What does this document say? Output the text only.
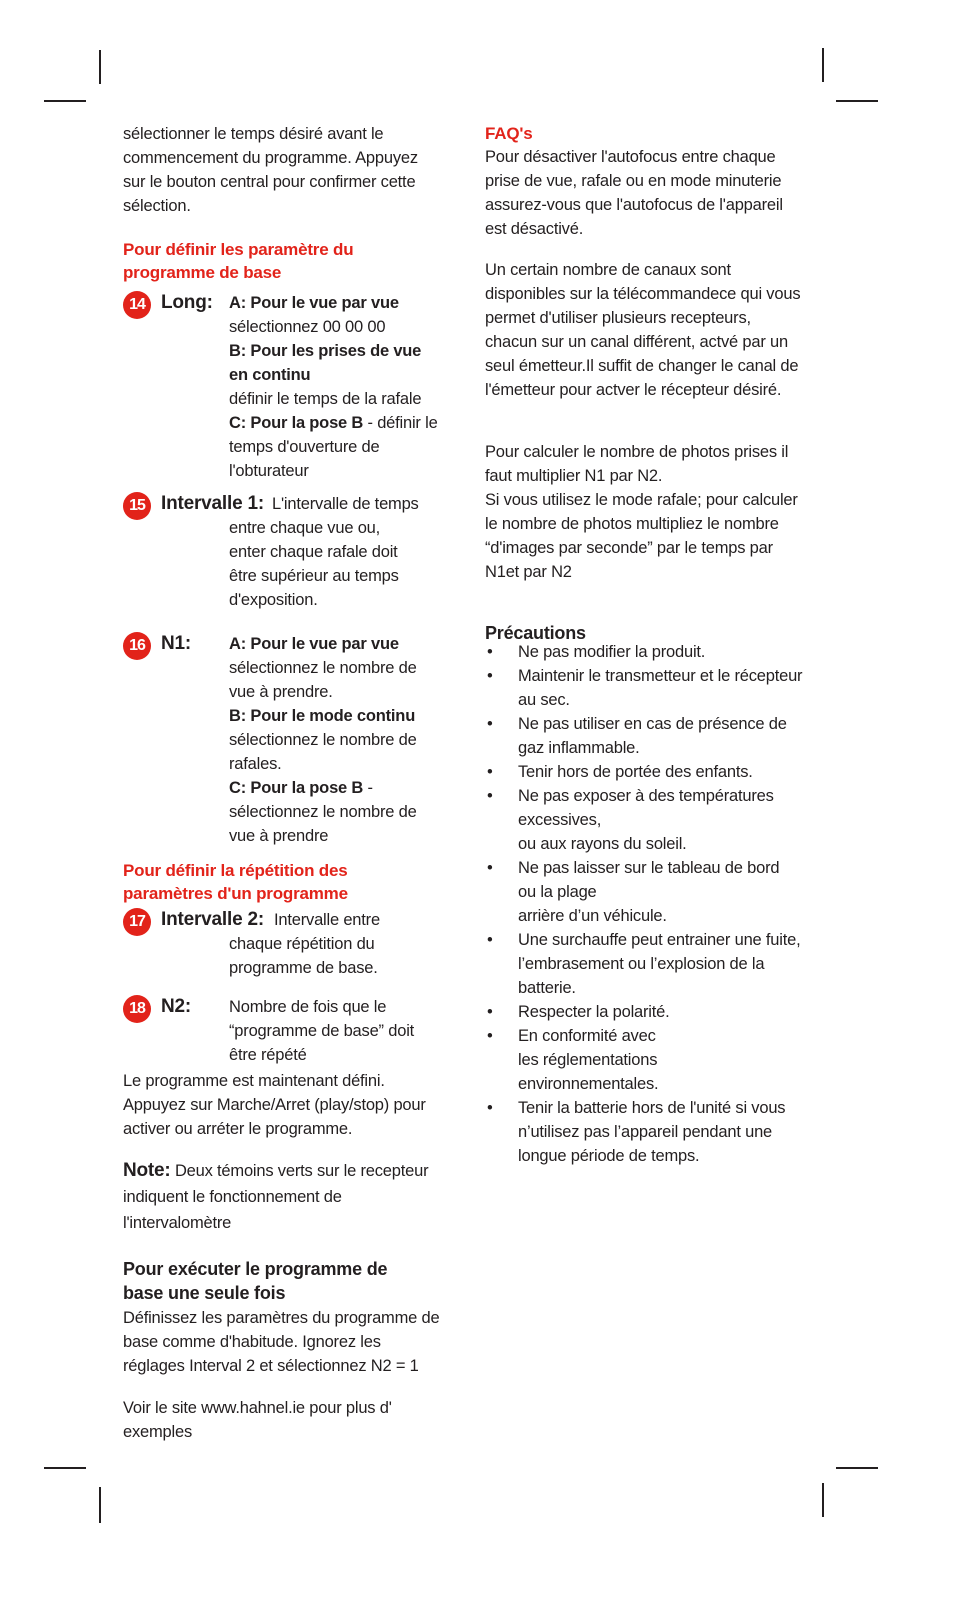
sélectionner le temps désiré avant le commencement du programme. Appuyez sur le bouton central pour confirmer cette sélection.
Pour définir les paramètre du programme de base
14 Long: A: Pour le vue par vue
sélectionnez 00 00 00
B: Pour les prises de vue en continu
définir le temps de la rafale
C: Pour la pose B - définir le temps d'ouverture de l'obturateur
15 Intervalle 1: L'intervalle de temps
entre chaque vue ou, enter chaque rafale doit être supérieur au temps d'exposition.
16 N1: A: Pour le vue par vue
sélectionnez le nombre de vue à prendre.
B: Pour le mode continu
sélectionnez le nombre de rafales.
C: Pour la pose B - sélectionnez le nombre de vue à prendre
Pour définir la répétition des paramètres d'un programme
17 Intervalle 2: Intervalle entre
chaque répétition du programme de base.
18 N2: Nombre de fois que le “programme de base” doit être répété
Le programme est maintenant défini. Appuyez sur Marche/Arret (play/stop) pour activer ou arréter le programme.
Note: Deux témoins verts sur le recepteur indiquent le fonctionnement de l'intervalomètre
Pour exécuter le programme de base une seule fois
Définissez les paramètres du programme de base comme d'habitude. Ignorez les réglages Interval 2 et sélectionnez N2 = 1
Voir le site www.hahnel.ie pour plus d' exemples
FAQ's
Pour désactiver l'autofocus entre chaque prise de vue, rafale ou en mode minuterie assurez-vous que l'autofocus de l'appareil est désactivé.
Un certain nombre de canaux sont disponibles sur la télécommandece qui vous permet d'utiliser plusieurs recepteurs, chacun sur un canal différent, actvé par un seul émetteur.Il suffit de changer le canal de l'émetteur pour actver le récepteur désiré.
Pour calculer le nombre de photos prises il faut multiplier N1 par N2.
Si vous utilisez le mode rafale; pour calculer le nombre de photos multipliez le nombre “d'images par seconde” par le temps par N1et par N2
Précautions
• Ne pas modifier la produit.
• Maintenir le transmetteur et le récepteur au sec.
• Ne pas utiliser en cas de présence de gaz inflammable.
• Tenir hors de portée des enfants.
• Ne pas exposer à des températures excessives,
ou aux rayons du soleil.
• Ne pas laisser sur le tableau de bord ou la plage
arrière d’un véhicule.
• Une surchauffe peut entrainer une fuite, l’embrasement ou l’explosion de la batterie.
• Respecter la polarité.
• En conformité avec les réglementations environnementales.
• Tenir la batterie hors de l'unité si vous n’utilisez pas l’appareil pendant une longue période de temps.
